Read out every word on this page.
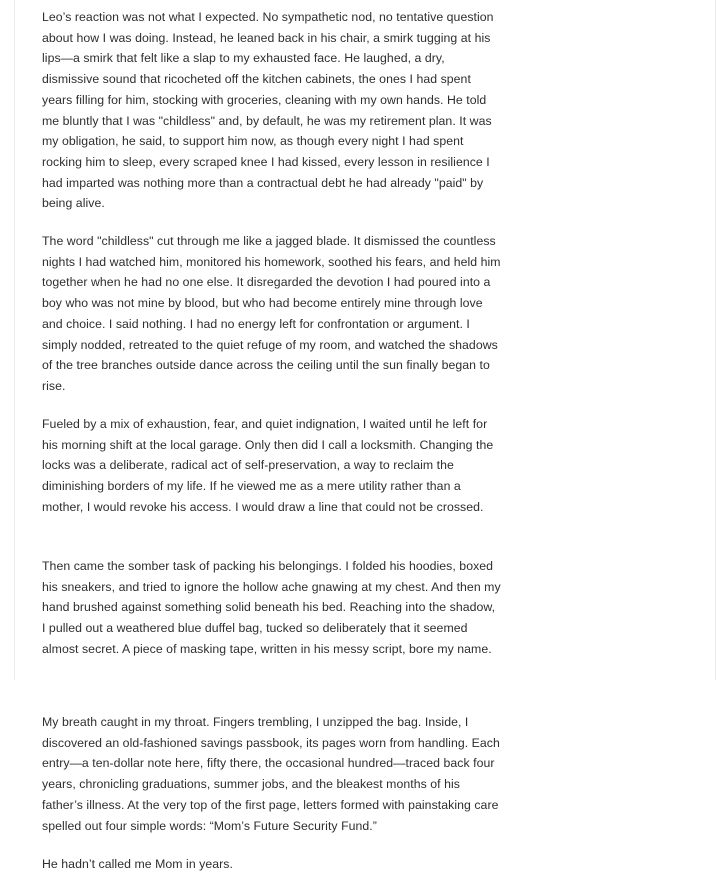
Leo’s reaction was not what I expected. No sympathetic nod, no tentative question about how I was doing. Instead, he leaned back in his chair, a smirk tugging at his lips—a smirk that felt like a slap to my exhausted face. He laughed, a dry, dismissive sound that ricocheted off the kitchen cabinets, the ones I had spent years filling for him, stocking with groceries, cleaning with my own hands. He told me bluntly that I was "childless" and, by default, he was my retirement plan. It was my obligation, he said, to support him now, as though every night I had spent rocking him to sleep, every scraped knee I had kissed, every lesson in resilience I had imparted was nothing more than a contractual debt he had already "paid" by being alive.

The word "childless" cut through me like a jagged blade. It dismissed the countless nights I had watched him, monitored his homework, soothed his fears, and held him together when he had no one else. It disregarded the devotion I had poured into a boy who was not mine by blood, but who had become entirely mine through love and choice. I said nothing. I had no energy left for confrontation or argument. I simply nodded, retreated to the quiet refuge of my room, and watched the shadows of the tree branches outside dance across the ceiling until the sun finally began to rise.

Fueled by a mix of exhaustion, fear, and quiet indignation, I waited until he left for his morning shift at the local garage. Only then did I call a locksmith. Changing the locks was a deliberate, radical act of self-preservation, a way to reclaim the diminishing borders of my life. If he viewed me as a mere utility rather than a mother, I would revoke his access. I would draw a line that could not be crossed.

Then came the somber task of packing his belongings. I folded his hoodies, boxed his sneakers, and tried to ignore the hollow ache gnawing at my chest. And then my hand brushed against something solid beneath his bed. Reaching into the shadow, I pulled out a weathered blue duffel bag, tucked so deliberately that it seemed almost secret. A piece of masking tape, written in his messy script, bore my name.

My breath caught in my throat. Fingers trembling, I unzipped the bag. Inside, I discovered an old-fashioned savings passbook, its pages worn from handling. Each entry—a ten-dollar note here, fifty there, the occasional hundred—traced back four years, chronicling graduations, summer jobs, and the bleakest months of his father’s illness. At the very top of the first page, letters formed with painstaking care spelled out four simple words: “Mom’s Future Security Fund.”

He hadn’t called me Mom in years.
